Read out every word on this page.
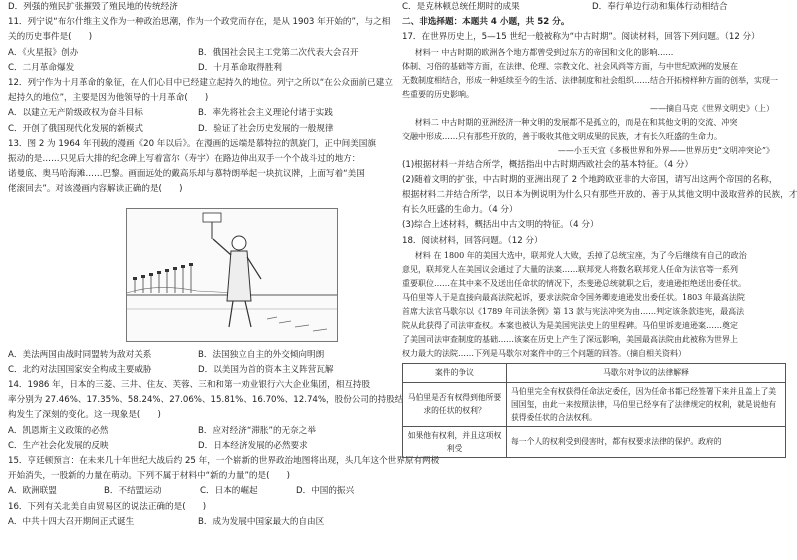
D．列强的殖民扩张摧毁了殖民地的传统经济
11．列宁说“布尔什维主义作为一种政治思潮，作为一个政党而存在，是从 1903 年开始的”，与之相
关的历史事件是(　　)
A．《火星报》创办	B．俄国社会民主工党第二次代表大会召开
C．二月革命爆发	D．十月革命取得胜利
12．列宁作为十月革命的象征，在人们心目中已经建立起持久的地位。列宁之所以“在公众面前已建立
起持久的地位”，主要是因为他领导的十月革命(　　)
A．以建立无产阶级政权为奋斗目标	B．率先将社会主义理论付诸于实践
C．开创了俄国现代化发展的新模式	D．验证了社会历史发展的一般规律
13．图 2 为 1964 年刊载的漫画《20 年以后》。在漫画的远端是慕特拉的凯旋门，正中间美国旗
振动的是……只见后大排的纪念碑上写着富尔（寿宇）在路边伸出双手一个个战斗过的地方：
诺曼底、奥马哈海滩……巴黎。画面远处的戴高乐却与慕特朗举起一块抗议牌，上面写着“美国
佬滚回去”。对该漫画内容解读正确的是(　　)
A．美法两国由战时同盟转为敌对关系	B．法国独立自主的外交倾向明朗
C．北约对法国国家安全构成主要威胁	D．以美国为首的资本主义阵营瓦解
14．1986 年，日本的三菱、三井、住友、芙蓉、三和和第一劝业银行六大企业集团，相互持股
率分别为 27.46%、17.35%、58.24%、27.06%、15.81%、16.70%、12.74%，股份公司的持股结
构发生了深刻的变化。这一现象是(　　)
A．凯恩斯主义政策的必然	B．应对经济“滞胀”的无奈之举
C．生产社会化发展的反映	D．日本经济发展的必然要求
15．亨廷顿预言：在未来几十年世纪大战后约 25 年，一个崭新的世界政治地图将出现，头几年这个世界原有两极
开始消失，一股新的力量在萌动。下列不属于材料中“新的力量”的是(　　)
A．欧洲联盟	B．不结盟运动	C．日本的崛起	D．中国的振兴
16．下列有关北美自由贸易区的说法正确的是(　　)
A．中共十四大召开期间正式诞生	B．成为发展中国家最大的自由区
C．是克林顿总统任期时的成果	D．奉行单边行动和集体行动相结合
二、非选择题：本题共 4 小题，共 52 分。
17．在世界历史上，5—15 世纪一般被称为“中古时期”。阅读材料，回答下列问题。（12 分）
材料一 中古时期的欧洲各个地方都曾受到过东方的帝国和文化的影响……
体制、习俗的基础等方面，在法律、伦理、宗教文化、社会风尚等方面，与中世纪欧洲的发展在
无数制度相结合，形成一种延续至今的生活、法律制度和社会组织……结合开拓榜样种方面的创举，实现一
些重要的历史影响。
——摘自马克《世界文明史》（上）
材料二 中古时期的亚洲经济一种文明的发展都不是孤立的，而是在和其他文明的交流、冲突
交融中形成……只有那些开放的，善于吸收其他文明成果的民族，才有长久旺盛的生命力。
——小玉天宜《多极世界和外界——世界历史“文明冲突论”》
(1)根据材料一并结合所学，概括指出中古时期西欧社会的基本特征。（4 分）
(2)随着文明的扩张，中古时期的亚洲出现了 2 个地跨欧亚非的大帝国，请写出这两个帝国的名称，
根据材料二并结合所学，以日本为例说明为什么只有那些开放的、善于从其他文明中汲取营养的民族，才
有长久旺盛的生命力。（4 分）
(3)综合上述材料，概括出中古文明的特征。（4 分）
18．阅读材料，回答问题。（12 分）
材料 在 1800 年的美国大选中，联邦党人大败，丢掉了总统宝座，为了今后继续有自己的政治
意见，联邦党人在美国议会通过了大量的法案……联邦党人将数名联邦党人任命为法官等一系列
重要职位……在其中来不及送出任命状的情况下，杰斐逊总统就职之后，麦迪逊拒绝送出委任状。
马伯里等人于是直接向最高法院起诉，要求法院命令国务卿麦迪逊发出委任状。1803 年最高法院
首席大法官马歇尔以《1789 年司法条例》第 13 款与宪法冲突为由……判定该条款违宪，最高法
院从此获得了司法审查权。本案也被认为是美国宪法史上的里程碑。马伯里诉麦迪逊案……奠定
了美国司法审查制度的基础……该案在历史上产生了深远影响，美国最高法院由此被称为世界上
权力最大的法院……下列是马歇尔对案件中的三个问题的回答。（摘自相关资料）
案件的争议	马歇尔对争议的法律解释
马伯里是否有权得到他所要求的任状的权利？	马伯里完全有权获得任命法定委任，因为任命书都已经签署下来并且盖上了美国国玺，由此一来按照法律，马伯里已经享有了法律规定的权利，就是说他有获得委任状的合法权利。
如果他有权利，并且这项权利受	每一个人的权利受到侵害时，都有权要求法律的保护。政府的
